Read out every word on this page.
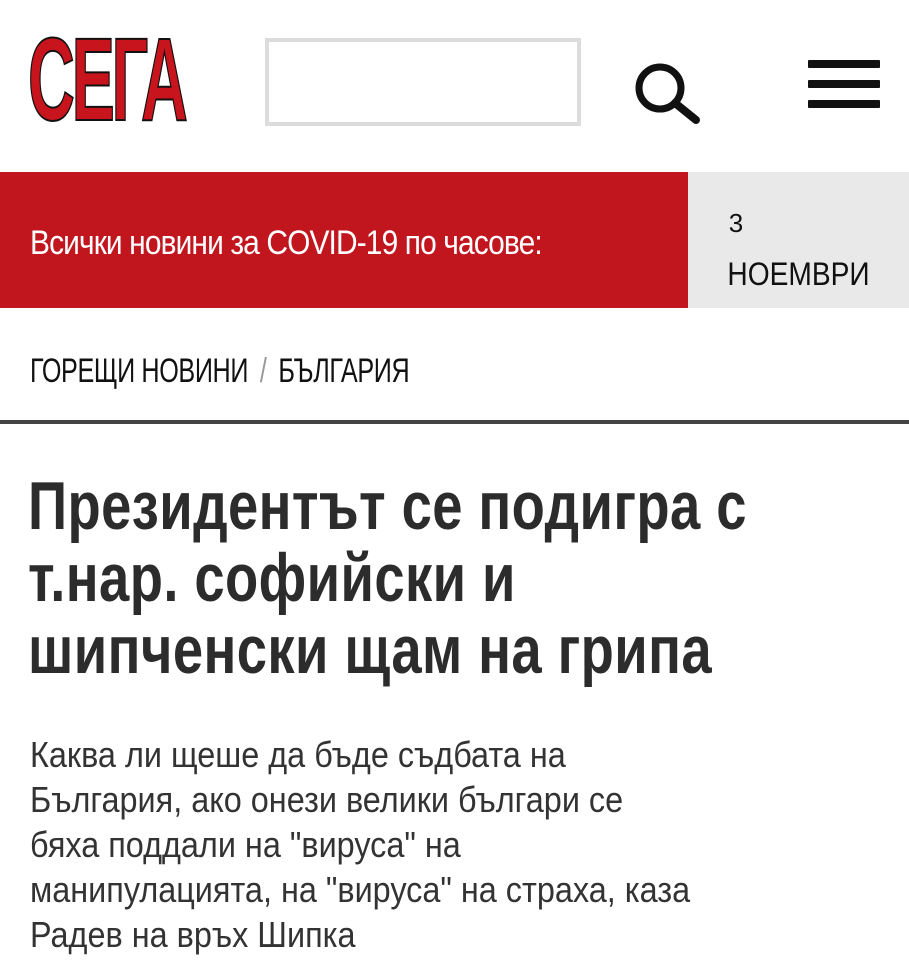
СЕГА
Всички новини за COVID-19 по часове:
3
НОЕМВРИ
ГОРЕЩИ НОВИНИ / БЪЛГАРИЯ
Президентът се подигра с
т.нар. софийски и
шипченски щам на грипа

Каква ли щеше да бъде съдбата на
България, ако онези велики българи се
бяха поддали на "вируса" на
манипулацията, на "вируса" на страха, каза
Радев на връх Шипка
